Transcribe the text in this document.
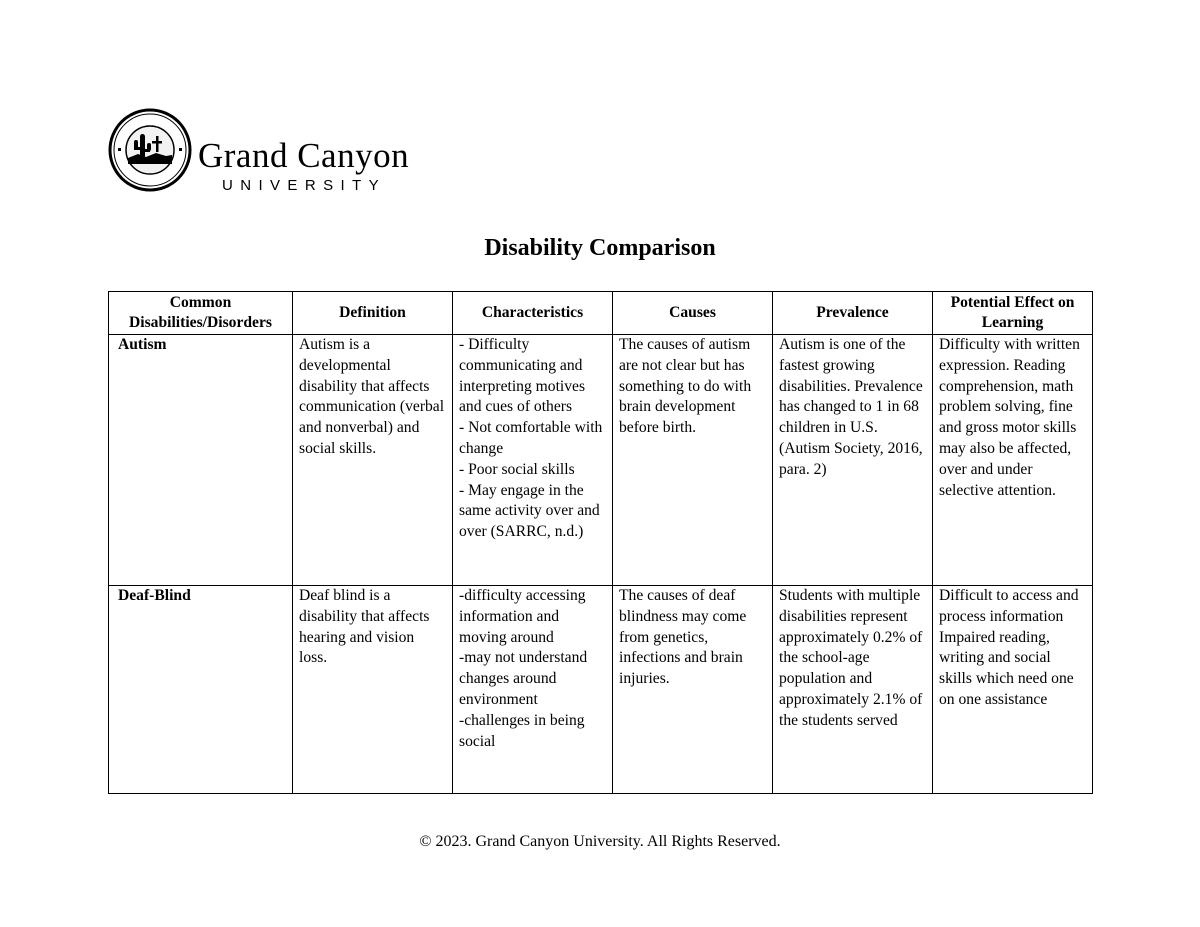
Grand Canyon
UNIVERSITY
Disability Comparison
Common Disabilities/Disorders	Definition	Characteristics	Causes	Prevalence	Potential Effect on Learning

Autism	Autism is a developmental disability that affects communication (verbal and nonverbal) and social skills.	- Difficulty communicating and interpreting motives and cues of others
- Not comfortable with change
- Poor social skills
- May engage in the same activity over and over (SARRC, n.d.)	The causes of autism are not clear but has something to do with brain development before birth.	Autism is one of the fastest growing disabilities. Prevalence has changed to 1 in 68 children in U.S. (Autism Society, 2016, para. 2)	Difficulty with written expression. Reading comprehension, math problem solving, fine and gross motor skills may also be affected, over and under selective attention.

Deaf-Blind	Deaf blind is a disability that affects hearing and vision loss.	-difficulty accessing information and moving around
-may not understand changes around environment
-challenges in being social	The causes of deaf blindness may come from genetics, infections and brain injuries.	Students with multiple disabilities represent approximately 0.2% of the school-age population and approximately 2.1% of the students served	Difficult to access and process information
Impaired reading, writing and social skills which need one on one assistance
© 2023. Grand Canyon University. All Rights Reserved.
